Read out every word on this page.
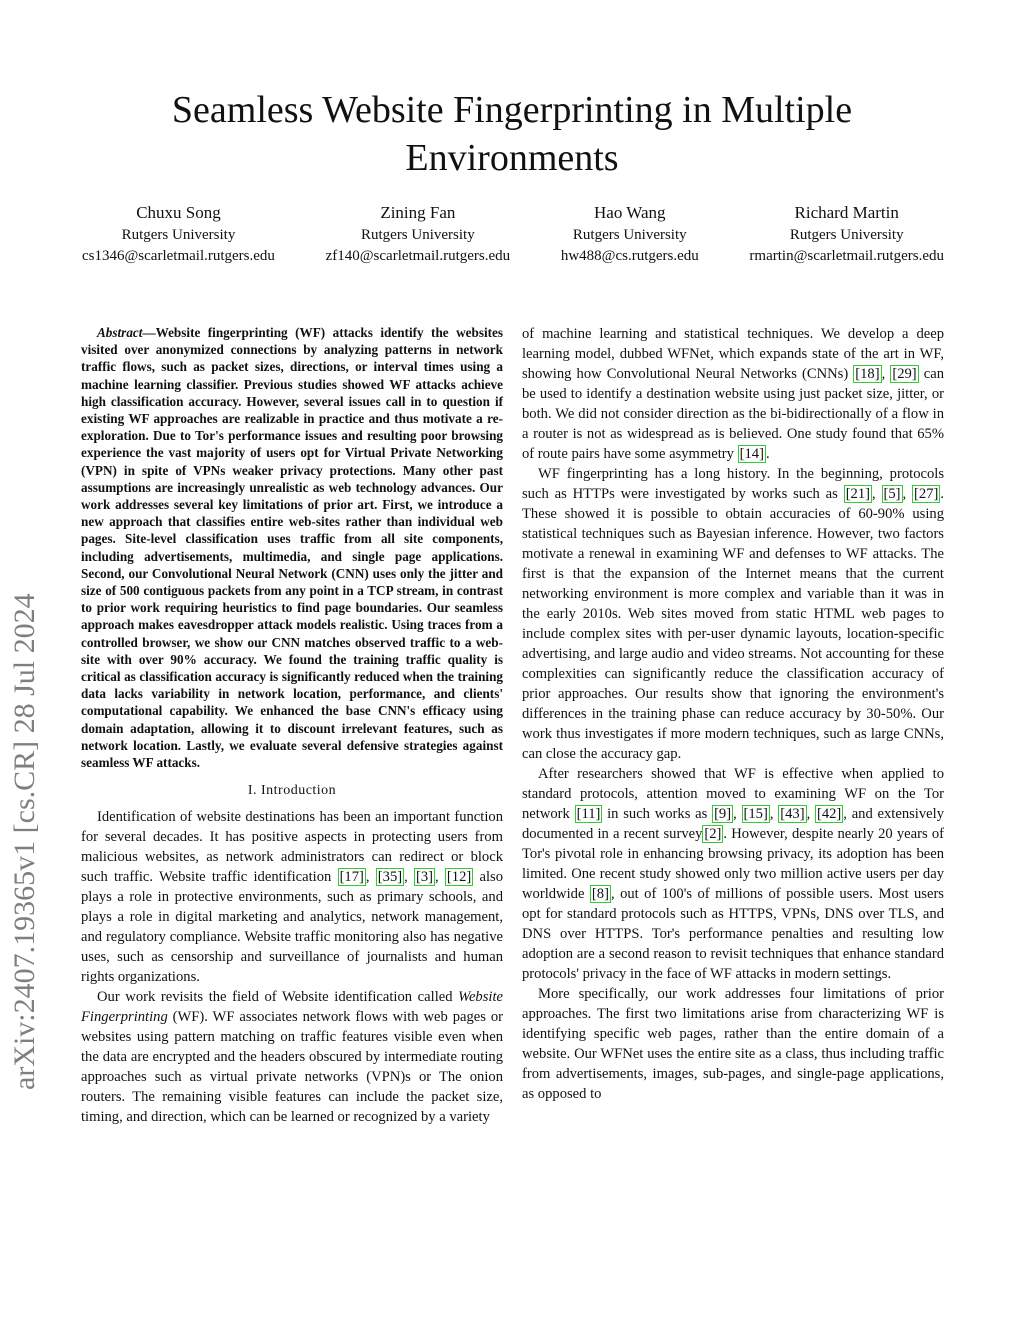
arXiv:2407.19365v1 [cs.CR] 28 Jul 2024
Seamless Website Fingerprinting in Multiple Environments
Chuxu Song
Rutgers University
cs1346@scarletmail.rutgers.edu
Zining Fan
Rutgers University
zf140@scarletmail.rutgers.edu
Hao Wang
Rutgers University
hw488@cs.rutgers.edu
Richard Martin
Rutgers University
rmartin@scarletmail.rutgers.edu

Abstract—Website fingerprinting (WF) attacks identify the websites visited over anonymized connections by analyzing patterns in network traffic flows, such as packet sizes, directions, or interval times using a machine learning classifier. Previous studies showed WF attacks achieve high classification accuracy. However, several issues call in to question if existing WF approaches are realizable in practice and thus motivate a re-exploration. Due to Tor's performance issues and resulting poor browsing experience the vast majority of users opt for Virtual Private Networking (VPN) in spite of VPNs weaker privacy protections. Many other past assumptions are increasingly unrealistic as web technology advances. Our work addresses several key limitations of prior art. First, we introduce a new approach that classifies entire web-sites rather than individual web pages. Site-level classification uses traffic from all site components, including advertisements, multimedia, and single page applications. Second, our Convolutional Neural Network (CNN) uses only the jitter and size of 500 contiguous packets from any point in a TCP stream, in contrast to prior work requiring heuristics to find page boundaries. Our seamless approach makes eavesdropper attack models realistic. Using traces from a controlled browser, we show our CNN matches observed traffic to a web-site with over 90% accuracy. We found the training traffic quality is critical as classification accuracy is significantly reduced when the training data lacks variability in network location, performance, and clients' computational capability. We enhanced the base CNN's efficacy using domain adaptation, allowing it to discount irrelevant features, such as network location. Lastly, we evaluate several defensive strategies against seamless WF attacks.

I. Introduction

Identification of website destinations has been an important function for several decades. It has positive aspects in protecting users from malicious websites, as network administrators can redirect or block such traffic. Website traffic identification [17] , [35] , [3] , [12] also plays a role in protective environments, such as primary schools, and plays a role in digital marketing and analytics, network management, and regulatory compliance. Website traffic monitoring also has negative uses, such as censorship and surveillance of journalists and human rights organizations.

Our work revisits the field of Website identification called Website Fingerprinting (WF). WF associates network flows with web pages or websites using pattern matching on traffic features visible even when the data are encrypted and the headers obscured by intermediate routing approaches such as virtual private networks (VPN)s or The onion routers. The remaining visible features can include the packet size, timing, and direction, which can be learned or recognized by a variety

of machine learning and statistical techniques. We develop a deep learning model, dubbed WFNet, which expands state of the art in WF, showing how Convolutional Neural Networks (CNNs) [18] , [29] can be used to identify a destination website using just packet size, jitter, or both. We did not consider direction as the bi-bidirectionally of a flow in a router is not as widespread as is believed. One study found that 65% of route pairs have some asymmetry [14] .

WF fingerprinting has a long history. In the beginning, protocols such as HTTPs were investigated by works such as [21] , [5] , [27] . These showed it is possible to obtain accuracies of 60-90% using statistical techniques such as Bayesian inference. However, two factors motivate a renewal in examining WF and defenses to WF attacks. The first is that the expansion of the Internet means that the current networking environment is more complex and variable than it was in the early 2010s. Web sites moved from static HTML web pages to include complex sites with per-user dynamic layouts, location-specific advertising, and large audio and video streams. Not accounting for these complexities can significantly reduce the classification accuracy of prior approaches. Our results show that ignoring the environment's differences in the training phase can reduce accuracy by 30-50%. Our work thus investigates if more modern techniques, such as large CNNs, can close the accuracy gap.

After researchers showed that WF is effective when applied to standard protocols, attention moved to examining WF on the Tor network [11] in such works as [9] , [15] , [43] , [42] , and extensively documented in a recent survey [2] . However, despite nearly 20 years of Tor's pivotal role in enhancing browsing privacy, its adoption has been limited. One recent study showed only two million active users per day worldwide [8] , out of 100's of millions of possible users. Most users opt for standard protocols such as HTTPS, VPNs, DNS over TLS, and DNS over HTTPS. Tor's performance penalties and resulting low adoption are a second reason to revisit techniques that enhance standard protocols' privacy in the face of WF attacks in modern settings.

More specifically, our work addresses four limitations of prior approaches. The first two limitations arise from characterizing WF is identifying specific web pages, rather than the entire domain of a website. Our WFNet uses the entire site as a class, thus including traffic from advertisements, images, sub-pages, and single-page applications, as opposed to
